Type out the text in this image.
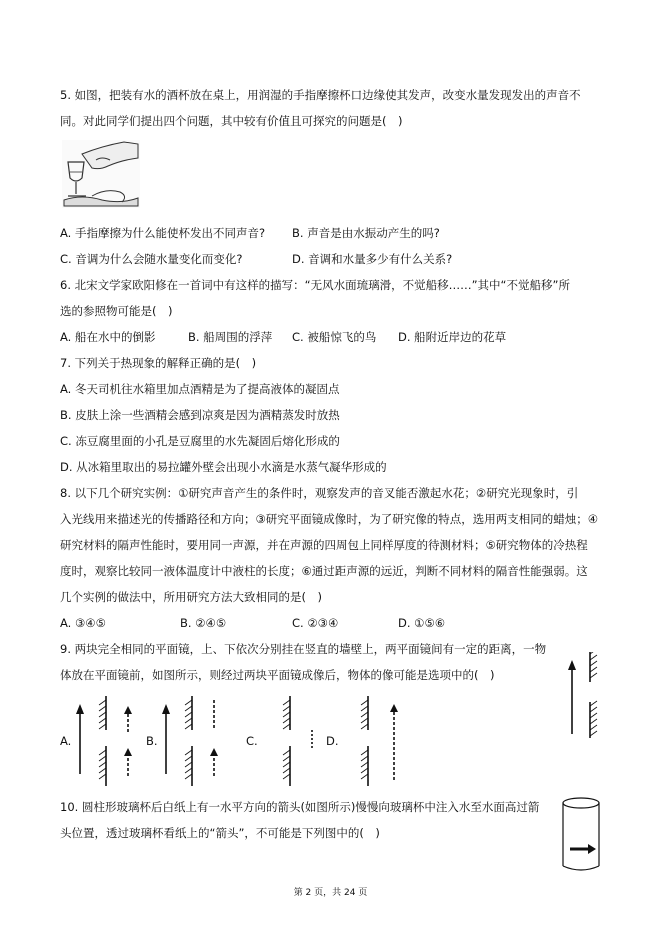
5. 如图，把装有水的酒杯放在桌上，用润湿的手指摩擦杯口边缘使其发声，改变水量发现发出的声音不
同。对此同学们提出四个问题，其中较有价值且可探究的问题是(　)
A. 手指摩擦为什么能使杯发出不同声音? B. 声音是由水振动产生的吗?
C. 音调为什么会随水量变化而变化?	D. 音调和水量多少有什么关系?
6. 北宋文学家欧阳修在一首词中有这样的描写：“无风水面琉璃滑，不觉船移……”其中“不觉船移”所
选的参照物可能是(　)
A. 船在水中的倒影	B. 船周围的浮萍 C. 被船惊飞的鸟 D. 船附近岸边的花草
7. 下列关于热现象的解释正确的是(　)
A. 冬天司机往水箱里加点酒精是为了提高液体的凝固点
B. 皮肤上涂一些酒精会感到凉爽是因为酒精蒸发时放热
C. 冻豆腐里面的小孔是豆腐里的水先凝固后熔化形成的
D. 从冰箱里取出的易拉罐外壁会出现小水滴是水蒸气凝华形成的
8. 以下几个研究实例：①研究声音产生的条件时，观察发声的音叉能否激起水花；②研究光现象时，引
入光线用来描述光的传播路径和方向；③研究平面镜成像时，为了研究像的特点，选用两支相同的蜡烛；④
研究材料的隔声性能时，要用同一声源，并在声源的四周包上同样厚度的待测材料；⑤研究物体的冷热程
度时，观察比较同一液体温度计中液柱的长度；⑥通过距声源的远近，判断不同材料的隔音性能强弱。这
几个实例的做法中，所用研究方法大致相同的是(　)
A. ③④⑤	B. ②④⑤	C. ②③④	D. ①⑤⑥
9. 两块完全相同的平面镜，上、下依次分别挂在竖直的墙壁上，两平面镜间有一定的距离，一物
体放在平面镜前，如图所示，则经过两块平面镜成像后，物体的像可能是选项中的(　)
A.	B.	C.	D.
10. 圆柱形玻璃杯后白纸上有一水平方向的箭头(如图所示)慢慢向玻璃杯中注入水至水面高过箭
头位置，透过玻璃杯看纸上的“箭头”，不可能是下列图中的(　)
第 2 页，共 24 页
